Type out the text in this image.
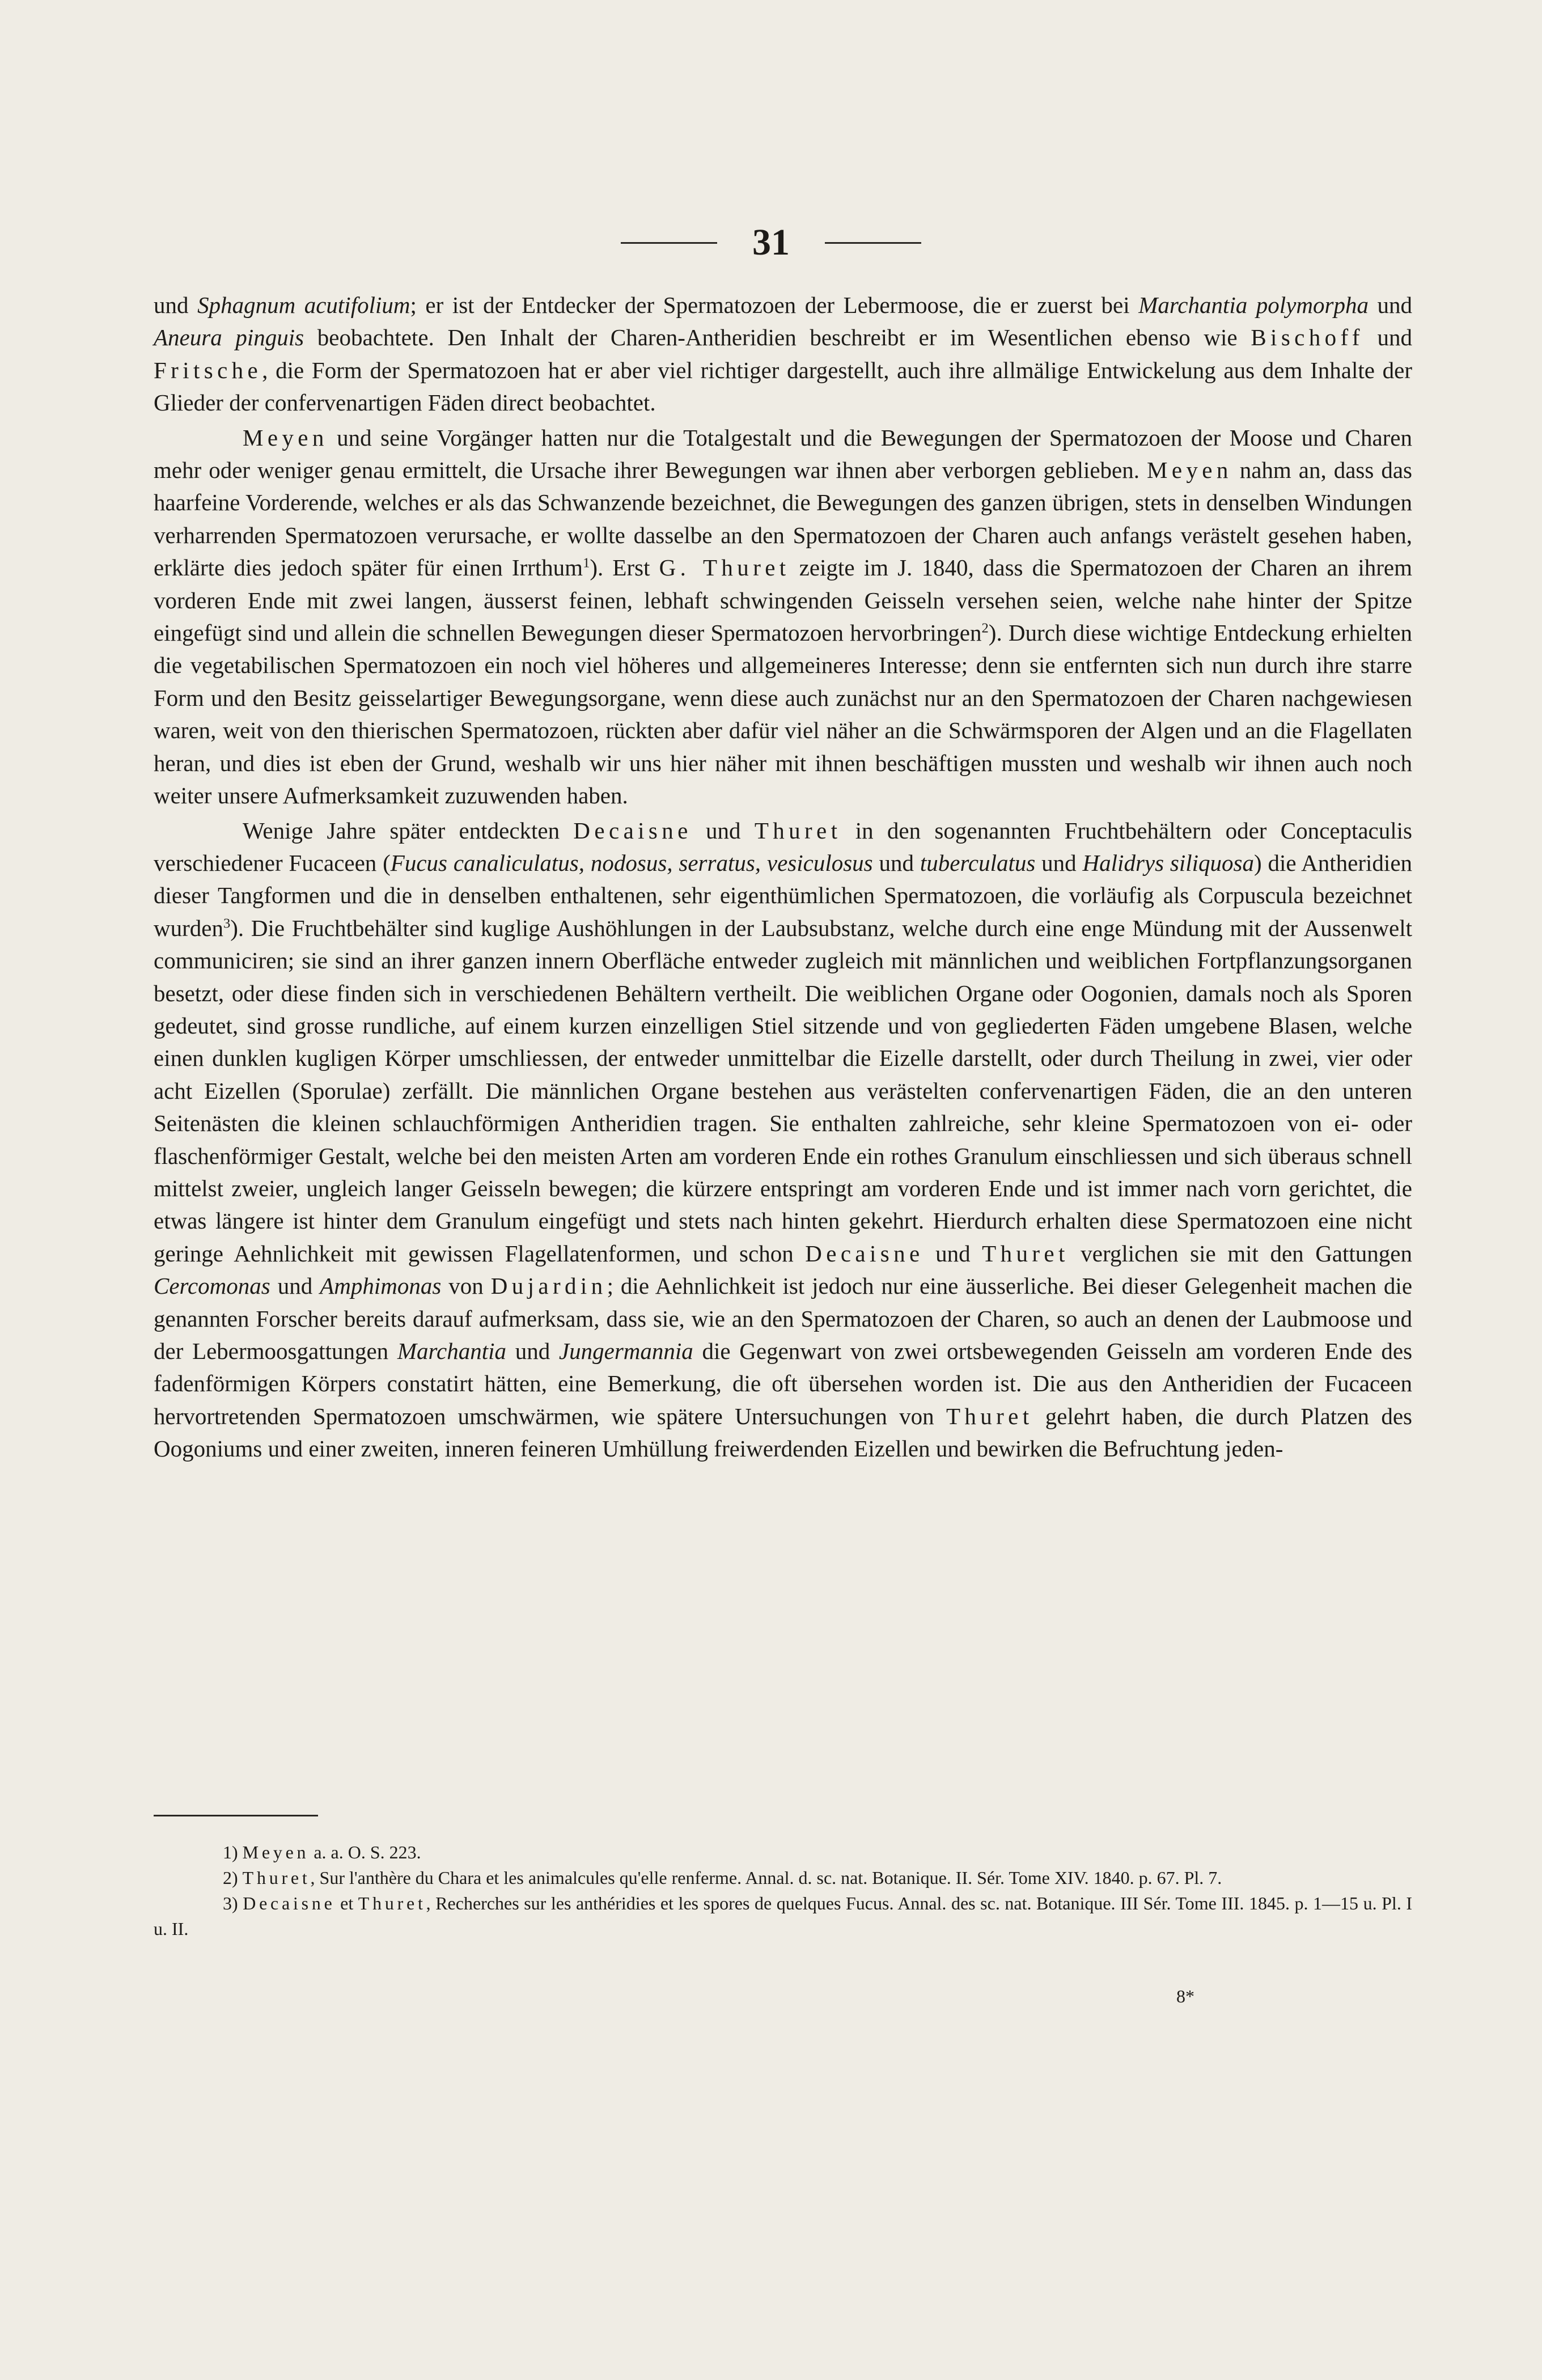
31

und Sphagnum acutifolium; er ist der Entdecker der Spermatozoen der Lebermoose, die er zuerst bei Marchantia polymorpha und Aneura pinguis beobachtete. Den Inhalt der Charen-Antheridien beschreibt er im Wesentlichen ebenso wie Bischoff und Fritsche, die Form der Spermatozoen hat er aber viel richtiger dargestellt, auch ihre allmälige Entwickelung aus dem Inhalte der Glieder der confervenartigen Fäden direct beobachtet.

Meyen und seine Vorgänger hatten nur die Totalgestalt und die Bewegungen der Spermatozoen der Moose und Charen mehr oder weniger genau ermittelt, die Ursache ihrer Bewegungen war ihnen aber verborgen geblieben. Meyen nahm an, dass das haarfeine Vorderende, welches er als das Schwanzende bezeichnet, die Bewegungen des ganzen übrigen, stets in denselben Windungen verharrenden Spermatozoen verursache, er wollte dasselbe an den Spermatozoen der Charen auch anfangs verästelt gesehen haben, erklärte dies jedoch später für einen Irrthum$^1$). Erst G. Thuret zeigte im J. 1840, dass die Spermatozoen der Charen an ihrem vorderen Ende mit zwei langen, äusserst feinen, lebhaft schwingenden Geisseln versehen seien, welche nahe hinter der Spitze eingefügt sind und allein die schnellen Bewegungen dieser Spermatozoen hervorbringen$^2$). Durch diese wichtige Entdeckung erhielten die vegetabilischen Spermatozoen ein noch viel höheres und allgemeineres Interesse; denn sie entfernten sich nun durch ihre starre Form und den Besitz geisselartiger Bewegungsorgane, wenn diese auch zunächst nur an den Spermatozoen der Charen nachgewiesen waren, weit von den thierischen Spermatozoen, rückten aber dafür viel näher an die Schwärmsporen der Algen und an die Flagellaten heran, und dies ist eben der Grund, weshalb wir uns hier näher mit ihnen beschäftigen mussten und weshalb wir ihnen auch noch weiter unsere Aufmerksamkeit zuzuwenden haben.

Wenige Jahre später entdeckten Decaisne und Thuret in den sogenannten Fruchtbehältern oder Conceptaculis verschiedener Fucaceen (Fucus canaliculatus, nodosus, serratus, vesiculosus und tuberculatus und Halidrys siliquosa) die Antheridien dieser Tangformen und die in denselben enthaltenen, sehr eigenthümlichen Spermatozoen, die vorläufig als Corpuscula bezeichnet wurden$^3$). Die Fruchtbehälter sind kuglige Aushöhlungen in der Laubsubstanz, welche durch eine enge Mündung mit der Aussenwelt communiciren; sie sind an ihrer ganzen innern Oberfläche entweder zugleich mit männlichen und weiblichen Fortpflanzungsorganen besetzt, oder diese finden sich in verschiedenen Behältern vertheilt. Die weiblichen Organe oder Oogonien, damals noch als Sporen gedeutet, sind grosse rundliche, auf einem kurzen einzelligen Stiel sitzende und von gegliederten Fäden umgebene Blasen, welche einen dunklen kugligen Körper umschliessen, der entweder unmittelbar die Eizelle darstellt, oder durch Theilung in zwei, vier oder acht Eizellen (Sporulae) zerfällt. Die männlichen Organe bestehen aus verästelten confervenartigen Fäden, die an den unteren Seitenästen die kleinen schlauchförmigen Antheridien tragen. Sie enthalten zahlreiche, sehr kleine Spermatozoen von ei- oder flaschenförmiger Gestalt, welche bei den meisten Arten am vorderen Ende ein rothes Granulum einschliessen und sich überaus schnell mittelst zweier, ungleich langer Geisseln bewegen; die kürzere entspringt am vorderen Ende und ist immer nach vorn gerichtet, die etwas längere ist hinter dem Granulum eingefügt und stets nach hinten gekehrt. Hierdurch erhalten diese Spermatozoen eine nicht geringe Aehnlichkeit mit gewissen Flagellatenformen, und schon Decaisne und Thuret verglichen sie mit den Gattungen Cercomonas und Amphimonas von Dujardin; die Aehnlichkeit ist jedoch nur eine äusserliche. Bei dieser Gelegenheit machen die genannten Forscher bereits darauf aufmerksam, dass sie, wie an den Spermatozoen der Charen, so auch an denen der Laubmoose und der Lebermoosgattungen Marchantia und Jungermannia die Gegenwart von zwei ortsbewegenden Geisseln am vorderen Ende des fadenförmigen Körpers constatirt hätten, eine Bemerkung, die oft übersehen worden ist. Die aus den Antheridien der Fucaceen hervortretenden Spermatozoen umschwärmen, wie spätere Untersuchungen von Thuret gelehrt haben, die durch Platzen des Oogoniums und einer zweiten, inneren feineren Umhüllung freiwerdenden Eizellen und bewirken die Befruchtung jeden-

1) Meyen a. a. O. S. 223.

2) Thuret, Sur l'anthère du Chara et les animalcules qu'elle renferme. Annal. d. sc. nat. Botanique. II. Sér. Tome XIV. 1840. p. 67. Pl. 7.

3) Decaisne et Thuret, Recherches sur les anthéridies et les spores de quelques Fucus. Annal. des sc. nat. Botanique. III Sér. Tome III. 1845. p. 1—15 u. Pl. I u. II.

8*
